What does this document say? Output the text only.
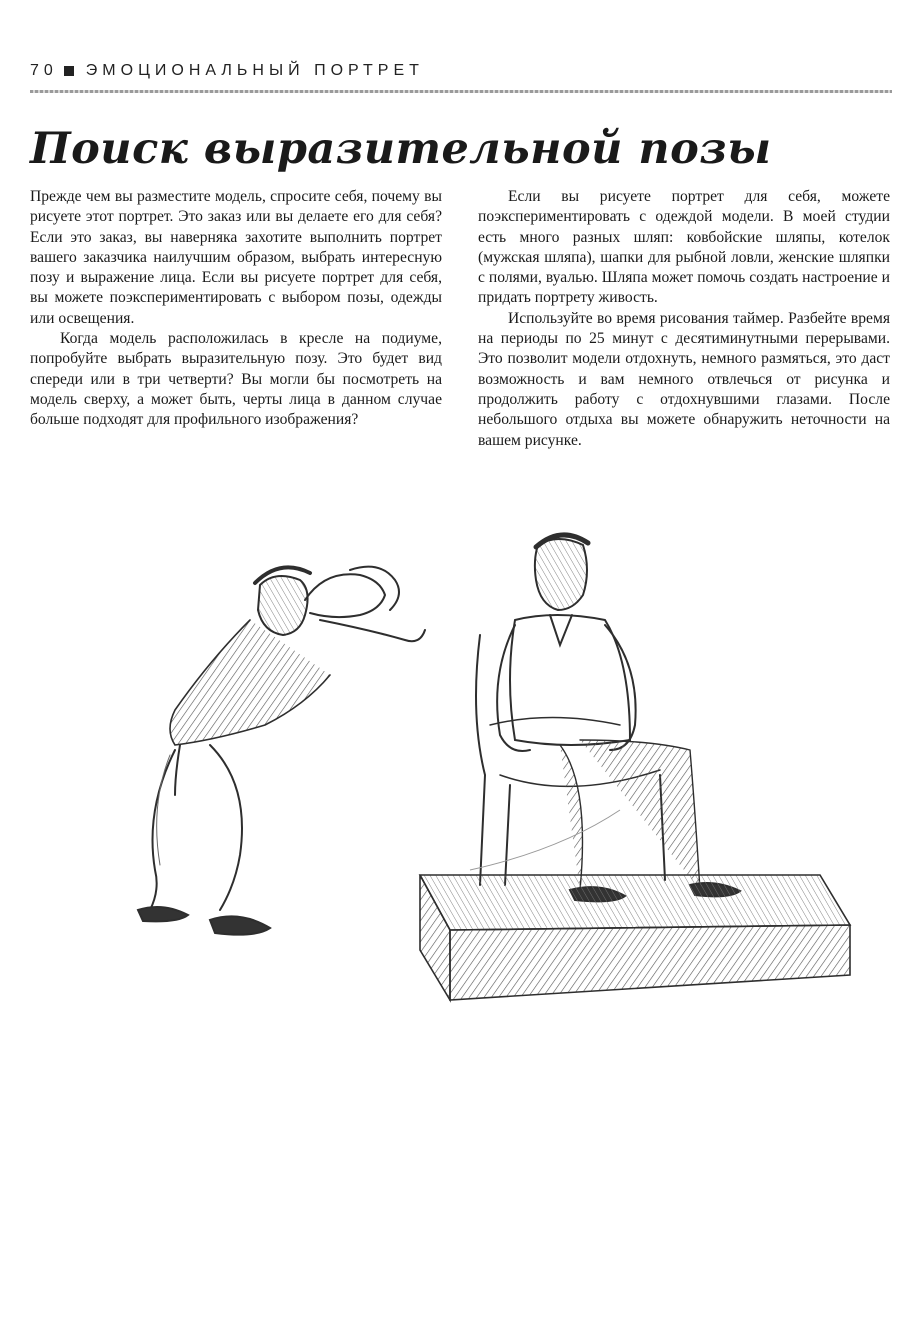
70 ЭМОЦИОНАЛЬНЫЙ ПОРТРЕТ
Поиск выразительной позы

Прежде чем вы разместите модель, спросите себя, почему вы рисуете этот портрет. Это заказ или вы делаете его для себя? Если это заказ, вы наверняка захотите выполнить портрет вашего заказчика наилучшим образом, выбрать интересную позу и выражение лица. Если вы рисуете портрет для себя, вы можете поэкспериментировать с выбором позы, одежды или освещения.

Когда модель расположилась в кресле на подиуме, попробуйте выбрать выразительную позу. Это будет вид спереди или в три четверти? Вы могли бы посмотреть на модель сверху, а может быть, черты лица в данном случае больше подходят для профильного изображения?

Если вы рисуете портрет для себя, можете поэкспериментировать с одеждой модели. В моей студии есть много разных шляп: ковбойские шляпы, котелок (мужская шляпа), шапки для рыбной ловли, женские шляпки с полями, вуалью. Шляпа может помочь создать настроение и придать портрету живость.

Используйте во время рисования таймер. Разбейте время на периоды по 25 минут с десятиминутными перерывами. Это позволит модели отдохнуть, немного размяться, это даст возможность и вам немного отвлечься от рисунка и продолжить работу с отдохнувшими глазами. После небольшого отдыха вы можете обнаружить неточности на вашем рисунке.
